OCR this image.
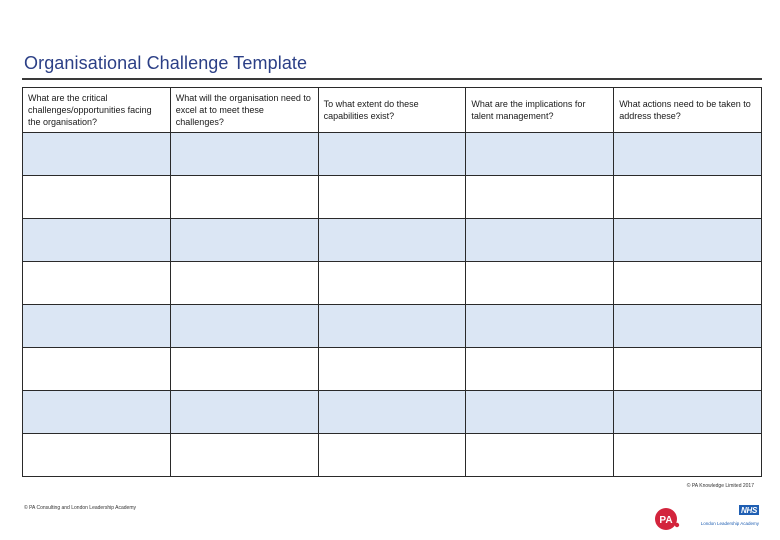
Organisational Challenge Template
What are the critical challenges/opportunities facing the organisation?
What will the organisation need to excel at to meet these challenges?
To what extent do these capabilities exist?
What are the implications for talent management?
What actions need to be taken to address these?
© PA Knowledge Limited 2017
© PA Consulting and London Leadership Academy
PA
NHS
London Leadership Academy
